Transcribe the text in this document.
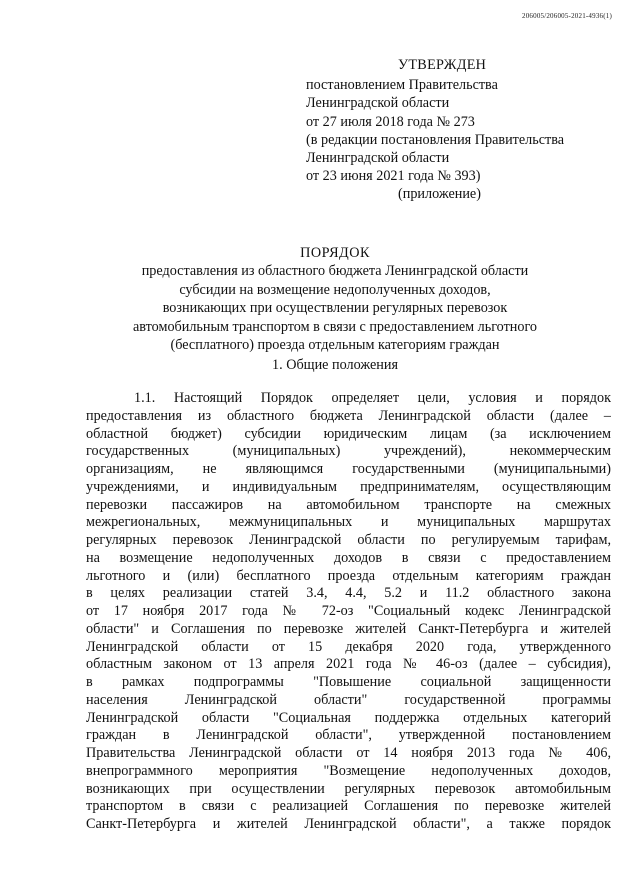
206005/206005-2021-4936(1)
УТВЕРЖДЕН
постановлением Правительства
Ленинградской области
от 27 июля 2018 года № 273
(в редакции постановления Правительства
Ленинградской области
от 23 июня 2021 года № 393)
(приложение)
ПОРЯДОК
предоставления из областного бюджета Ленинградской области
субсидии на возмещение недополученных доходов,
возникающих при осуществлении регулярных перевозок
автомобильным транспортом в связи с предоставлением льготного
(бесплатного) проезда отдельным категориям граждан
1. Общие положения
1.1. Настоящий Порядок определяет цели, условия и порядок
предоставления из областного бюджета Ленинградской области (далее –
областной бюджет) субсидии юридическим лицам (за исключением
государственных (муниципальных) учреждений), некоммерческим
организациям, не являющимся государственными (муниципальными)
учреждениями, и индивидуальным предпринимателям, осуществляющим
перевозки пассажиров на автомобильном транспорте на смежных
межрегиональных, межмуниципальных и муниципальных маршрутах
регулярных перевозок Ленинградской области по регулируемым тарифам,
на возмещение недополученных доходов в связи с предоставлением
льготного и (или) бесплатного проезда отдельным категориям граждан
в целях реализации статей 3.4, 4.4, 5.2 и 11.2 областного закона
от 17 ноября 2017 года № 72-оз "Социальный кодекс Ленинградской
области" и Соглашения по перевозке жителей Санкт-Петербурга и жителей
Ленинградской области от 15 декабря 2020 года, утвержденного
областным законом от 13 апреля 2021 года № 46-оз (далее – субсидия),
в рамках подпрограммы "Повышение социальной защищенности
населения Ленинградской области" государственной программы
Ленинградской области "Социальная поддержка отдельных категорий
граждан в Ленинградской области", утвержденной постановлением
Правительства Ленинградской области от 14 ноября 2013 года № 406,
внепрограммного мероприятия "Возмещение недополученных доходов,
возникающих при осуществлении регулярных перевозок автомобильным
транспортом в связи с реализацией Соглашения по перевозке жителей
Санкт-Петербурга и жителей Ленинградской области", а также порядок
